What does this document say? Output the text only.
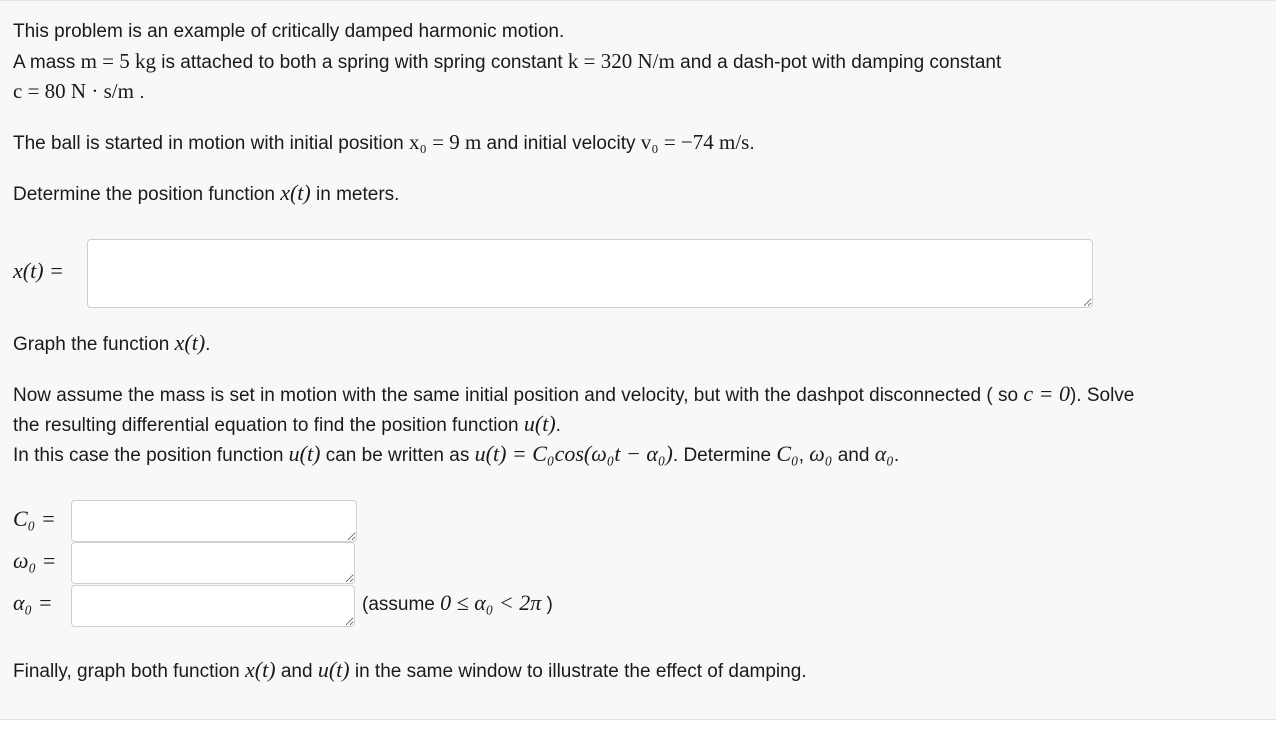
This problem is an example of critically damped harmonic motion.
A mass m = 5 kg is attached to both a spring with spring constant k = 320 N/m and a dash-pot with damping constant
c = 80 N · s/m .
The ball is started in motion with initial position x₀ = 9 m and initial velocity v₀ = −74 m/s.
Determine the position function x(t) in meters.
x(t) =
Graph the function x(t).
Now assume the mass is set in motion with the same initial position and velocity, but with the dashpot disconnected ( so c = 0). Solve
the resulting differential equation to find the position function u(t).
In this case the position function u(t) can be written as u(t) = C₀cos(ω₀t − α₀). Determine C₀, ω₀ and α₀.
C₀ =
ω₀ =
α₀ =	(assume 0 ≤ α₀ < 2π )
Finally, graph both function x(t) and u(t) in the same window to illustrate the effect of damping.
